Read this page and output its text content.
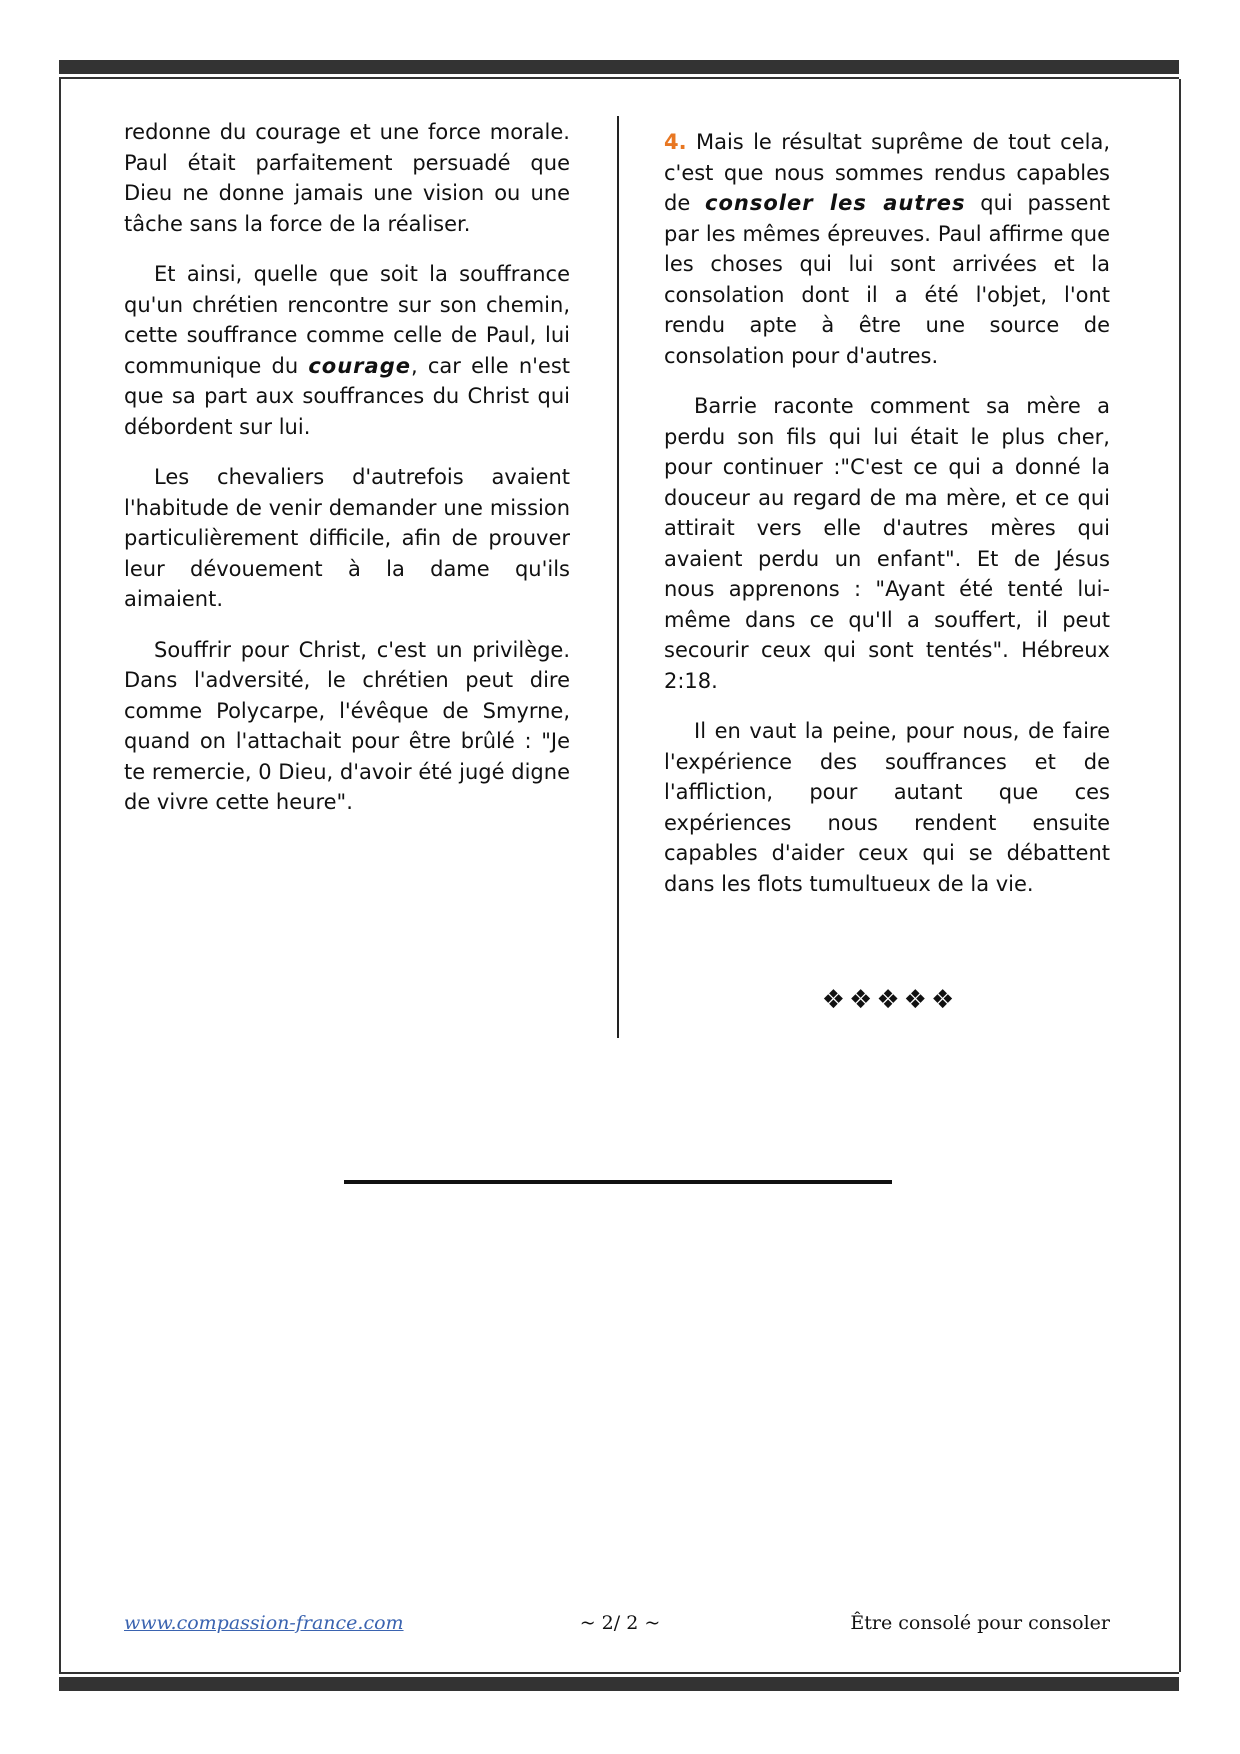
redonne du courage et une force morale. Paul était parfaitement persuadé que Dieu ne donne jamais une vision ou une tâche sans la force de la réaliser.

Et ainsi, quelle que soit la souffrance qu'un chrétien rencontre sur son chemin, cette souffrance comme celle de Paul, lui communique du courage, car elle n'est que sa part aux souffrances du Christ qui débordent sur lui.

Les chevaliers d'autrefois avaient l'habitude de venir demander une mission particulièrement difficile, afin de prouver leur dévouement à la dame qu'ils aimaient.

Souffrir pour Christ, c'est un privilège. Dans l'adversité, le chrétien peut dire comme Polycarpe, l'évêque de Smyrne, quand on l'attachait pour être brûlé : "Je te remercie, 0 Dieu, d'avoir été jugé digne de vivre cette heure".

4. Mais le résultat suprême de tout cela, c'est que nous sommes rendus capables de consoler les autres qui passent par les mêmes épreuves. Paul affirme que les choses qui lui sont arrivées et la consolation dont il a été l'objet, l'ont rendu apte à être une source de consolation pour d'autres.

Barrie raconte comment sa mère a perdu son fils qui lui était le plus cher, pour continuer :"C'est ce qui a donné la douceur au regard de ma mère, et ce qui attirait vers elle d'autres mères qui avaient perdu un enfant". Et de Jésus nous apprenons : "Ayant été tenté lui-même dans ce qu'Il a souffert, il peut secourir ceux qui sont tentés". Hébreux 2:18.

Il en vaut la peine, pour nous, de faire l'expérience des souffrances et de l'affliction, pour autant que ces expériences nous rendent ensuite capables d'aider ceux qui se débattent dans les flots tumultueux de la vie.

❖❖❖❖❖
www.compassion-france.com	~ 2/ 2 ~	Être consolé pour consoler
